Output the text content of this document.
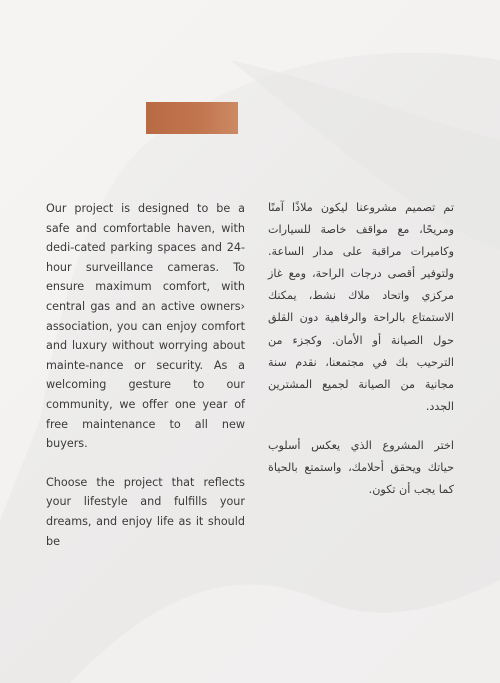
Our project is designed to be a safe and comfortable haven, with dedi-cated parking spaces and 24-hour surveillance cameras. To ensure maximum comfort, with central gas and an active owners› association, you can enjoy comfort and luxury without worrying about mainte-nance or security. As a welcoming gesture to our community, we offer one year of free maintenance to all new buyers.

Choose the project that reflects your lifestyle and fulfills your dreams, and enjoy life as it should be

تم تصميم مشروعنا ليكون ملاذًا آمنًا ومريحًا، مع مواقف خاصة للسيارات وكاميرات مراقبة على مدار الساعة. ولتوفير أقصى درجات الراحة، ومع غاز مركزي واتحاد ملاك نشط، يمكنك الاستمتاع بالراحة والرفاهية دون القلق حول الصيانة أو الأمان. وكجزء من الترحيب بك في مجتمعنا، نقدم سنة مجانية من الصيانة لجميع المشترين الجدد.

اختر المشروع الذي يعكس أسلوب حياتك ويحقق أحلامك، واستمتع بالحياة كما يجب أن تكون.
